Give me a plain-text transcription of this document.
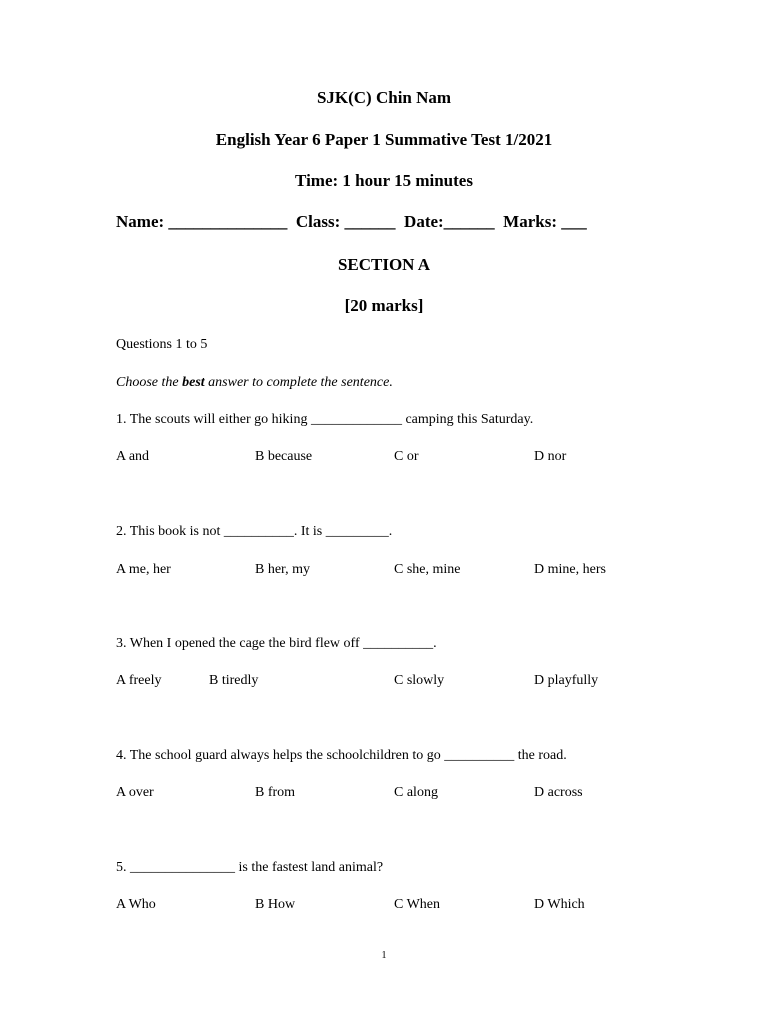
SJK(C) Chin Nam
English Year 6 Paper 1 Summative Test 1/2021
Time: 1 hour 15 minutes
Name: ______________  Class: ______  Date:______  Marks: ___
SECTION A
[20 marks]
Questions 1 to 5
Choose the best answer to complete the sentence.
1. The scouts will either go hiking _____________ camping this Saturday.
A and	B because	C or	D nor
2. This book is not __________. It is _________.
A me, her	B her, my	C she, mine	D mine, hers
3. When I opened the cage the bird flew off __________.
A freely	B tiredly	C slowly	D playfully
4. The school guard always helps the schoolchildren to go __________ the road.
A over	B from	C along	D across
5. _______________ is the fastest land animal?
A Who	B How	C When	D Which
1
